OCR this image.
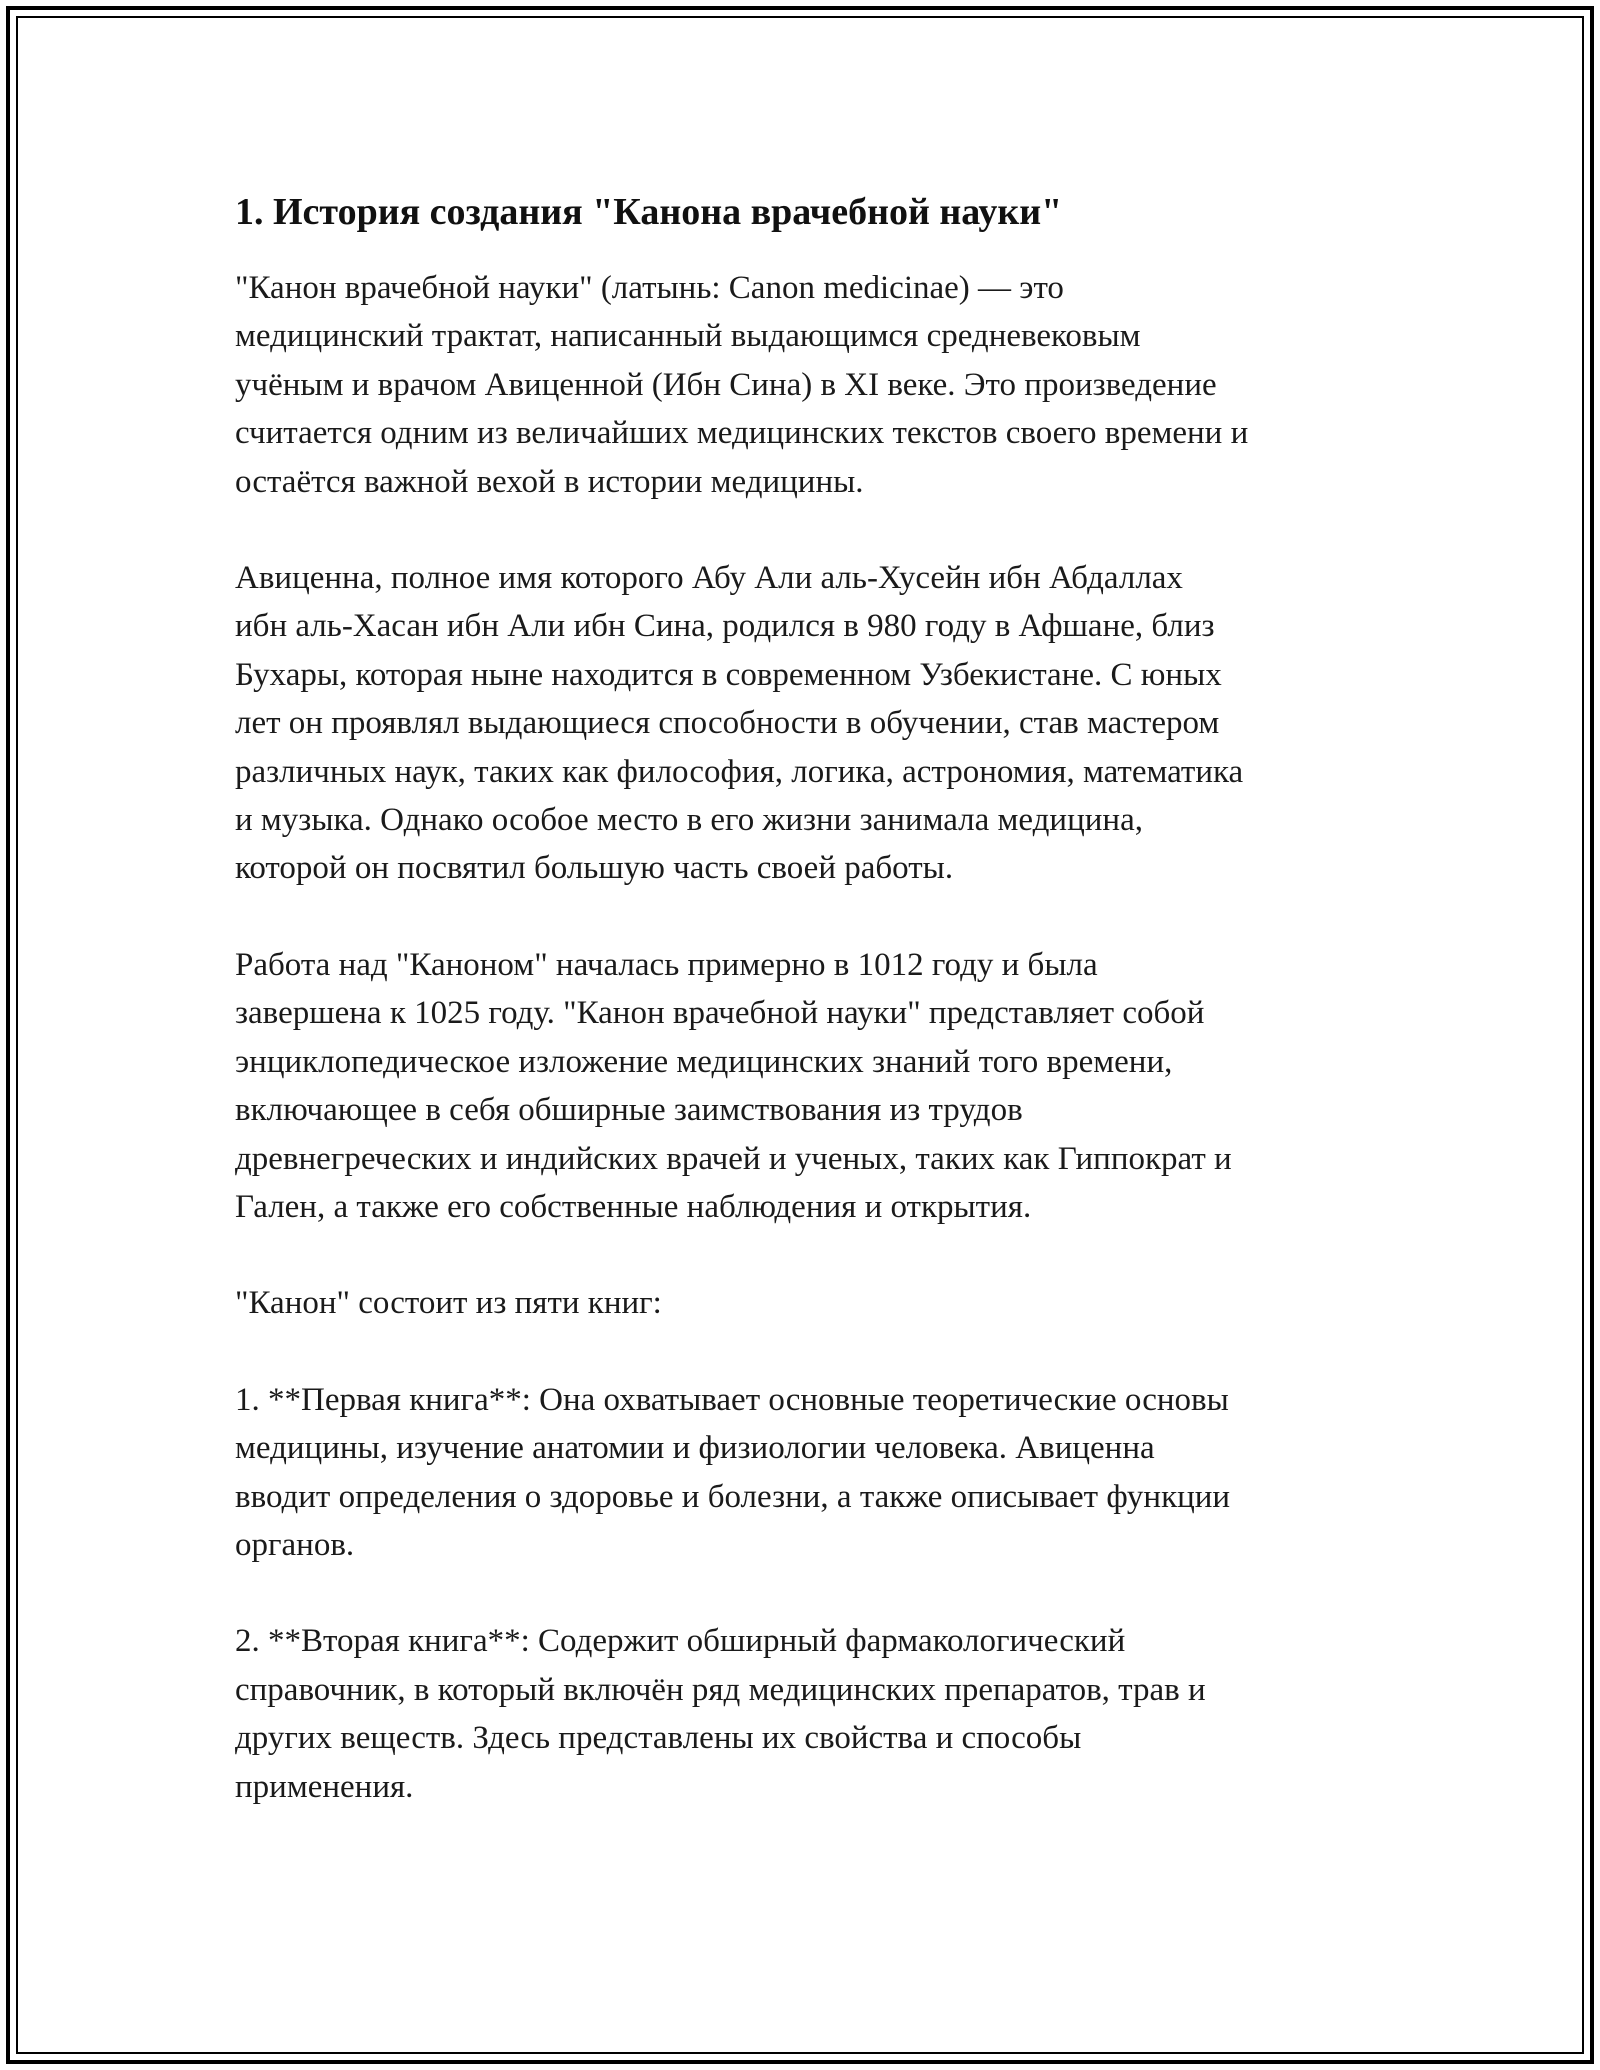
1. История создания "Канона врачебной науки"

"Канон врачебной науки" (латынь: Canon medicinae) — это
медицинский трактат, написанный выдающимся средневековым
учёным и врачом Авиценной (Ибн Сина) в XI веке. Это произведение
считается одним из величайших медицинских текстов своего времени и
остаётся важной вехой в истории медицины.

Авиценна, полное имя которого Абу Али аль-Хусейн ибн Абдаллах
ибн аль-Хасан ибн Али ибн Сина, родился в 980 году в Афшане, близ
Бухары, которая ныне находится в современном Узбекистане. С юных
лет он проявлял выдающиеся способности в обучении, став мастером
различных наук, таких как философия, логика, астрономия, математика
и музыка. Однако особое место в его жизни занимала медицина,
которой он посвятил большую часть своей работы.

Работа над "Каноном" началась примерно в 1012 году и была
завершена к 1025 году. "Канон врачебной науки" представляет собой
энциклопедическое изложение медицинских знаний того времени,
включающее в себя обширные заимствования из трудов
древнегреческих и индийских врачей и ученых, таких как Гиппократ и
Гален, а также его собственные наблюдения и открытия.

"Канон" состоит из пяти книг:

1. **Первая книга**: Она охватывает основные теоретические основы
медицины, изучение анатомии и физиологии человека. Авиценна
вводит определения о здоровье и болезни, а также описывает функции
органов.

2. **Вторая книга**: Содержит обширный фармакологический
справочник, в который включён ряд медицинских препаратов, трав и
других веществ. Здесь представлены их свойства и способы
применения.
